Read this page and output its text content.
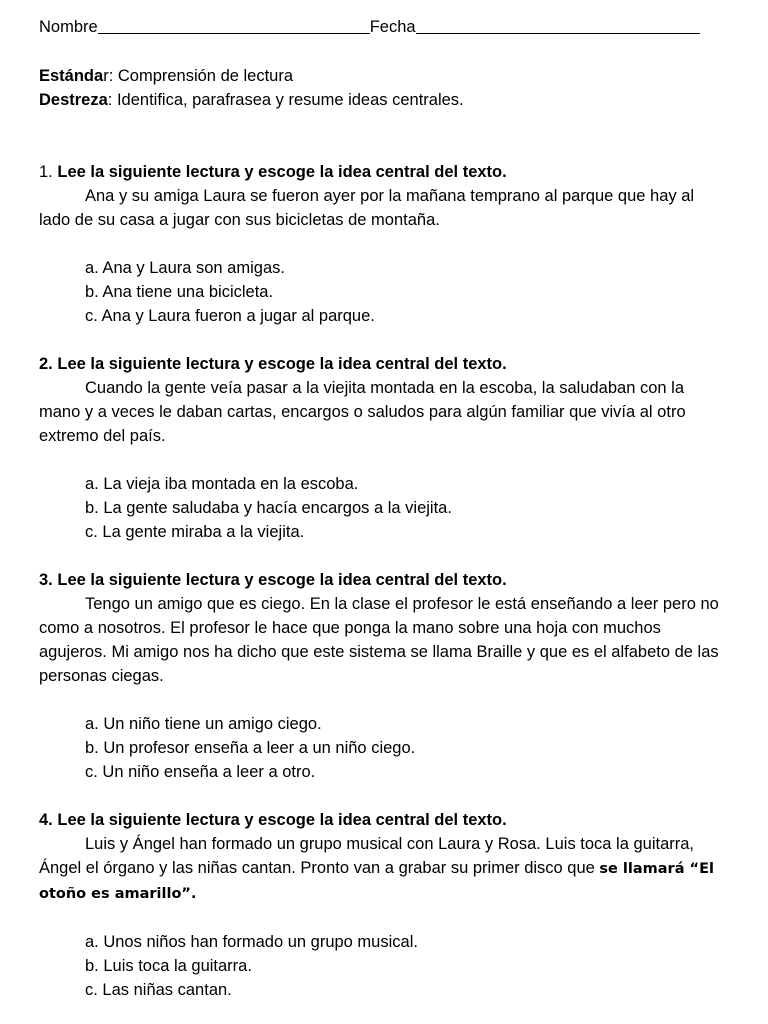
Nombre	Fecha
Estándar: Comprensión de lectura
Destreza: Identifica, parafrasea y resume ideas centrales.
1. Lee la siguiente lectura y escoge la idea central del texto.

Ana y su amiga Laura se fueron ayer por la mañana temprano al parque que hay al lado de su casa a jugar con sus bicicletas de montaña.

a. Ana y Laura son amigas.
b. Ana tiene una bicicleta.
c. Ana y Laura fueron a jugar al parque.
2. Lee la siguiente lectura y escoge la idea central del texto.

Cuando la gente veía pasar a la viejita montada en la escoba, la saludaban con la mano y a veces le daban cartas, encargos o saludos para algún familiar que vivía al otro extremo del país.

a. La vieja iba montada en la escoba.
b. La gente saludaba y hacía encargos a la viejita.
c. La gente miraba a la viejita.
3. Lee la siguiente lectura y escoge la idea central del texto.

Tengo un amigo que es ciego. En la clase el profesor le está enseñando a leer pero no como a nosotros. El profesor le hace que ponga la mano sobre una hoja con muchos agujeros. Mi amigo nos ha dicho que este sistema se llama Braille y que es el alfabeto de las personas ciegas.

a. Un niño tiene un amigo ciego.
b. Un profesor enseña a leer a un niño ciego.
c. Un niño enseña a leer a otro.
4. Lee la siguiente lectura y escoge la idea central del texto.

Luis y Ángel han formado un grupo musical con Laura y Rosa. Luis toca la guitarra, Ángel el órgano y las niñas cantan. Pronto van a grabar su primer disco que se llamará “El otoño es amarillo”.

a. Unos niños han formado un grupo musical.
b. Luis toca la guitarra.
c. Las niñas cantan.
